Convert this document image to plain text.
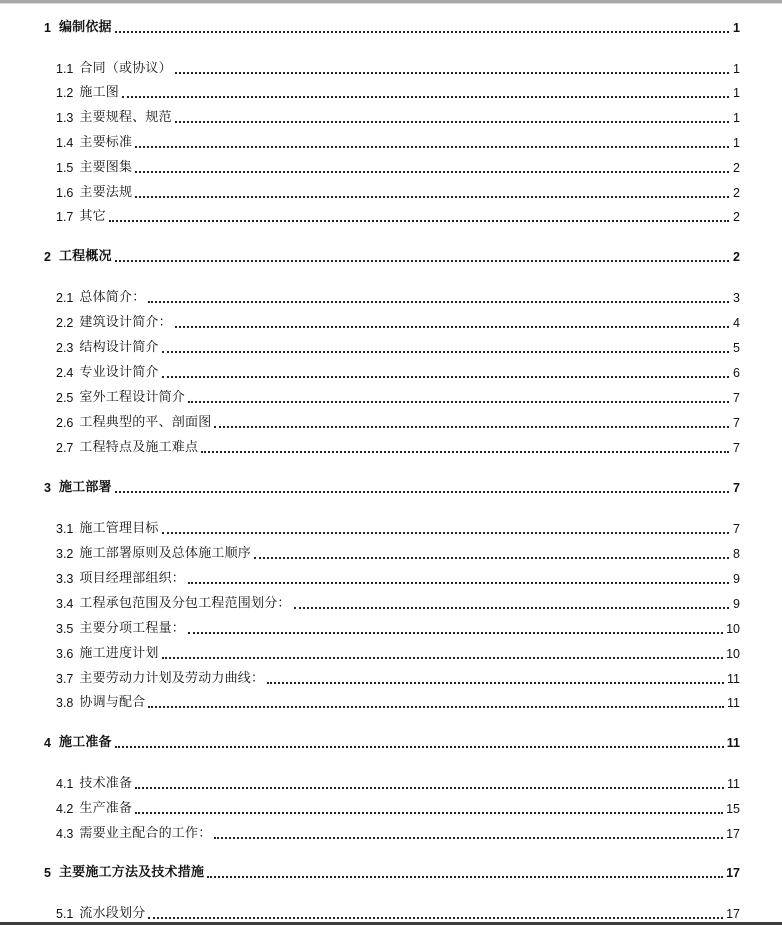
1 编制依据	1
1.1 合同（或协议）	1
1.2 施工图	1
1.3 主要规程、规范	1
1.4 主要标准	1
1.5 主要图集	2
1.6 主要法规	2
1.7 其它	2
2 工程概况	2
2.1 总体简介：	3
2.2 建筑设计简介：	4
2.3 结构设计简介	5
2.4 专业设计简介	6
2.5 室外工程设计简介	7
2.6 工程典型的平、剖面图	7
2.7 工程特点及施工难点	7
3 施工部署	7
3.1 施工管理目标	7
3.2 施工部署原则及总体施工顺序	8
3.3 项目经理部组织：	9
3.4 工程承包范围及分包工程范围划分：	9
3.5 主要分项工程量：	10
3.6 施工进度计划	10
3.7 主要劳动力计划及劳动力曲线：	11
3.8 协调与配合	11
4 施工准备	11
4.1 技术准备	11
4.2 生产准备	15
4.3 需要业主配合的工作：	17
5 主要施工方法及技术措施	17
5.1 流水段划分	17
